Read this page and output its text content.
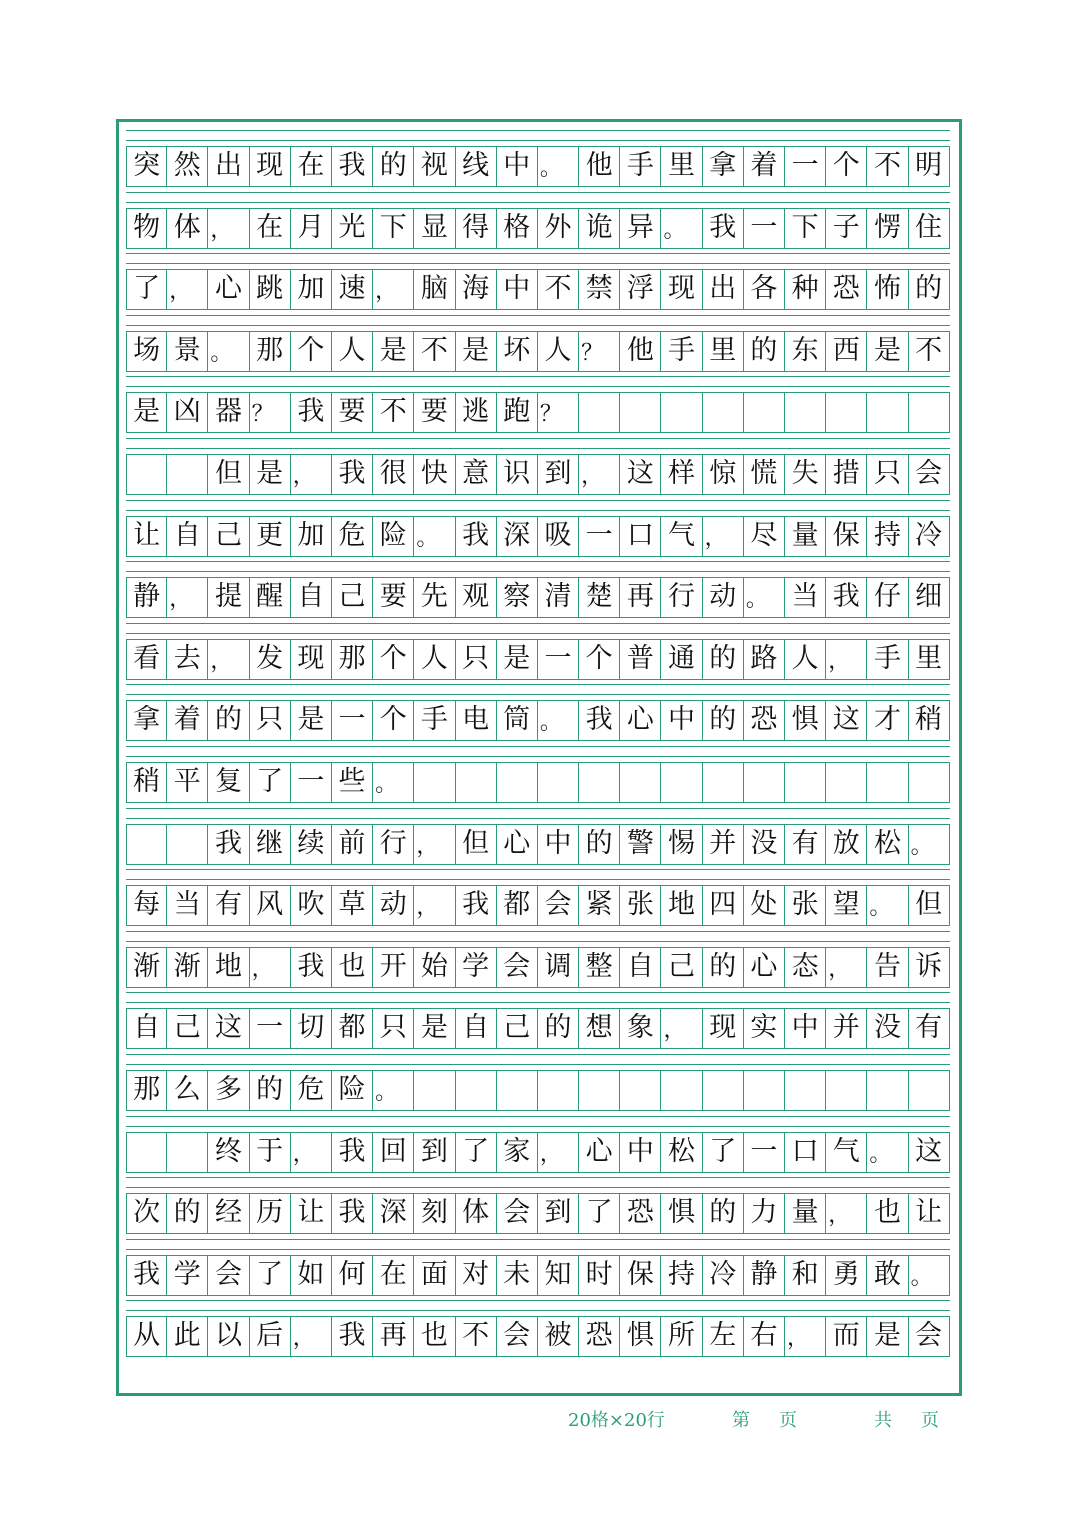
突 然 出 现 在 我 的 视 线 中 。 他 手 里 拿 着 一 个 不 明
物 体 ， 在 月 光 下 显 得 格 外 诡 异 。 我 一 下 子 愣 住
了 ， 心 跳 加 速 ， 脑 海 中 不 禁 浮 现 出 各 种 恐 怖 的
场 景 。 那 个 人 是 不 是 坏 人 ？ 他 手 里 的 东 西 是 不
是 凶 器 ？ 我 要 不 要 逃 跑 ？
但 是 ， 我 很 快 意 识 到 ， 这 样 惊 慌 失 措 只 会
让 自 己 更 加 危 险 。 我 深 吸 一 口 气 ， 尽 量 保 持 冷
静 ， 提 醒 自 己 要 先 观 察 清 楚 再 行 动 。 当 我 仔 细
看 去 ， 发 现 那 个 人 只 是 一 个 普 通 的 路 人 ， 手 里
拿 着 的 只 是 一 个 手 电 筒 。 我 心 中 的 恐 惧 这 才 稍
稍 平 复 了 一 些 。
我 继 续 前 行 ， 但 心 中 的 警 惕 并 没 有 放 松 。
每 当 有 风 吹 草 动 ， 我 都 会 紧 张 地 四 处 张 望 。 但
渐 渐 地 ， 我 也 开 始 学 会 调 整 自 己 的 心 态 ， 告 诉
自 己 这 一 切 都 只 是 自 己 的 想 象 ， 现 实 中 并 没 有
那 么 多 的 危 险 。
终 于 ， 我 回 到 了 家 ， 心 中 松 了 一 口 气 。 这
次 的 经 历 让 我 深 刻 体 会 到 了 恐 惧 的 力 量 ， 也 让
我 学 会 了 如 何 在 面 对 未 知 时 保 持 冷 静 和 勇 敢 。
从 此 以 后 ， 我 再 也 不 会 被 恐 惧 所 左 右 ， 而 是 会
20格×20行	第 页	共 页
